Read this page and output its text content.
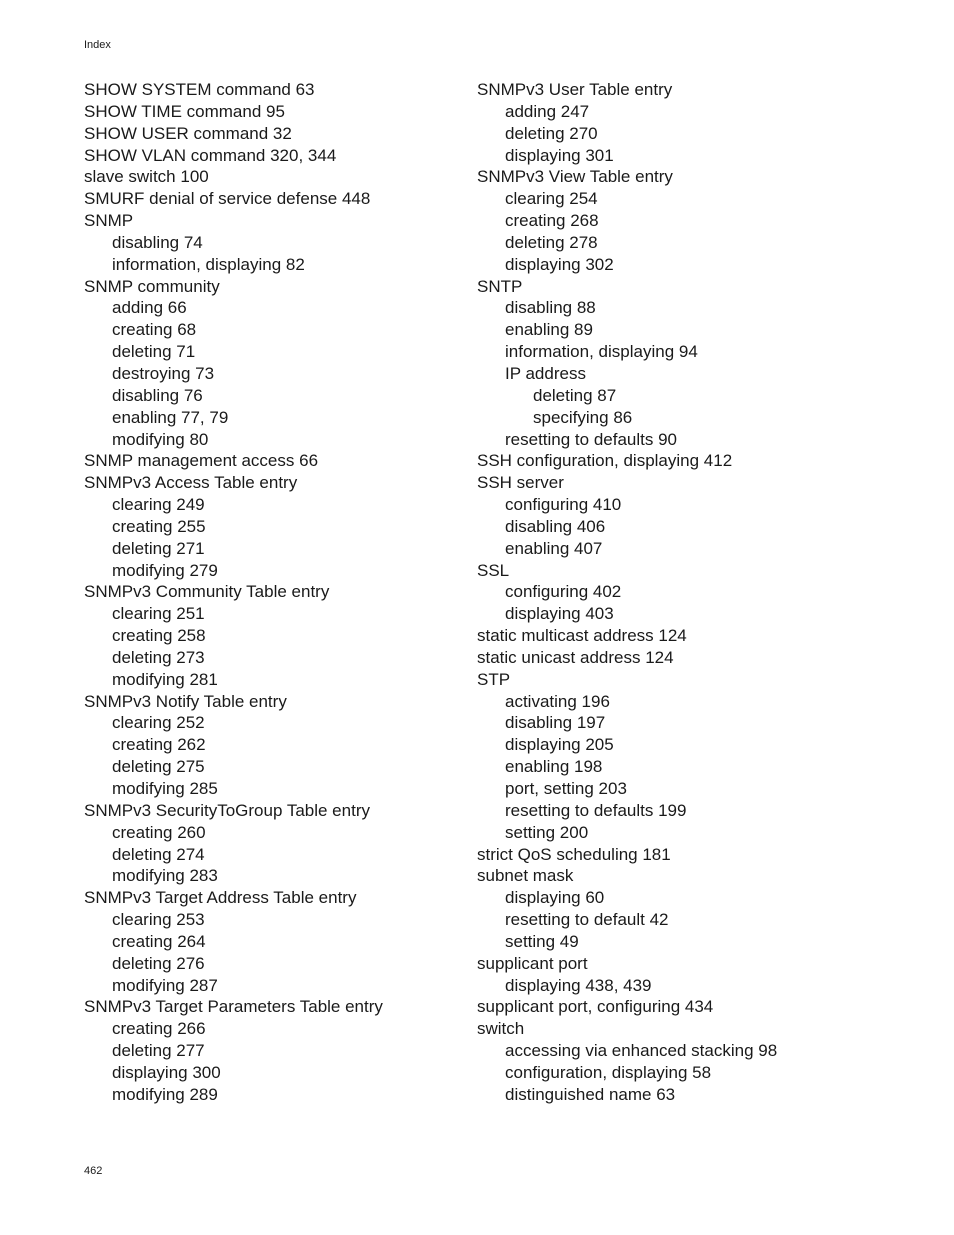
Index
SHOW SYSTEM command 63
SHOW TIME command 95
SHOW USER command 32
SHOW VLAN command 320, 344
slave switch 100
SMURF denial of service defense 448
SNMP
disabling 74
information, displaying 82
SNMP community
adding 66
creating 68
deleting 71
destroying 73
disabling 76
enabling 77, 79
modifying 80
SNMP management access 66
SNMPv3 Access Table entry
clearing 249
creating 255
deleting 271
modifying 279
SNMPv3 Community Table entry
clearing 251
creating 258
deleting 273
modifying 281
SNMPv3 Notify Table entry
clearing 252
creating 262
deleting 275
modifying 285
SNMPv3 SecurityToGroup Table entry
creating 260
deleting 274
modifying 283
SNMPv3 Target Address Table entry
clearing 253
creating 264
deleting 276
modifying 287
SNMPv3 Target Parameters Table entry
creating 266
deleting 277
displaying 300
modifying 289
SNMPv3 User Table entry
adding 247
deleting 270
displaying 301
SNMPv3 View Table entry
clearing 254
creating 268
deleting 278
displaying 302
SNTP
disabling 88
enabling 89
information, displaying 94
IP address
deleting 87
specifying 86
resetting to defaults 90
SSH configuration, displaying 412
SSH server
configuring 410
disabling 406
enabling 407
SSL
configuring 402
displaying 403
static multicast address 124
static unicast address 124
STP
activating 196
disabling 197
displaying 205
enabling 198
port, setting 203
resetting to defaults 199
setting 200
strict QoS scheduling 181
subnet mask
displaying 60
resetting to default 42
setting 49
supplicant port
displaying 438, 439
supplicant port, configuring 434
switch
accessing via enhanced stacking 98
configuration, displaying 58
distinguished name 63
462
